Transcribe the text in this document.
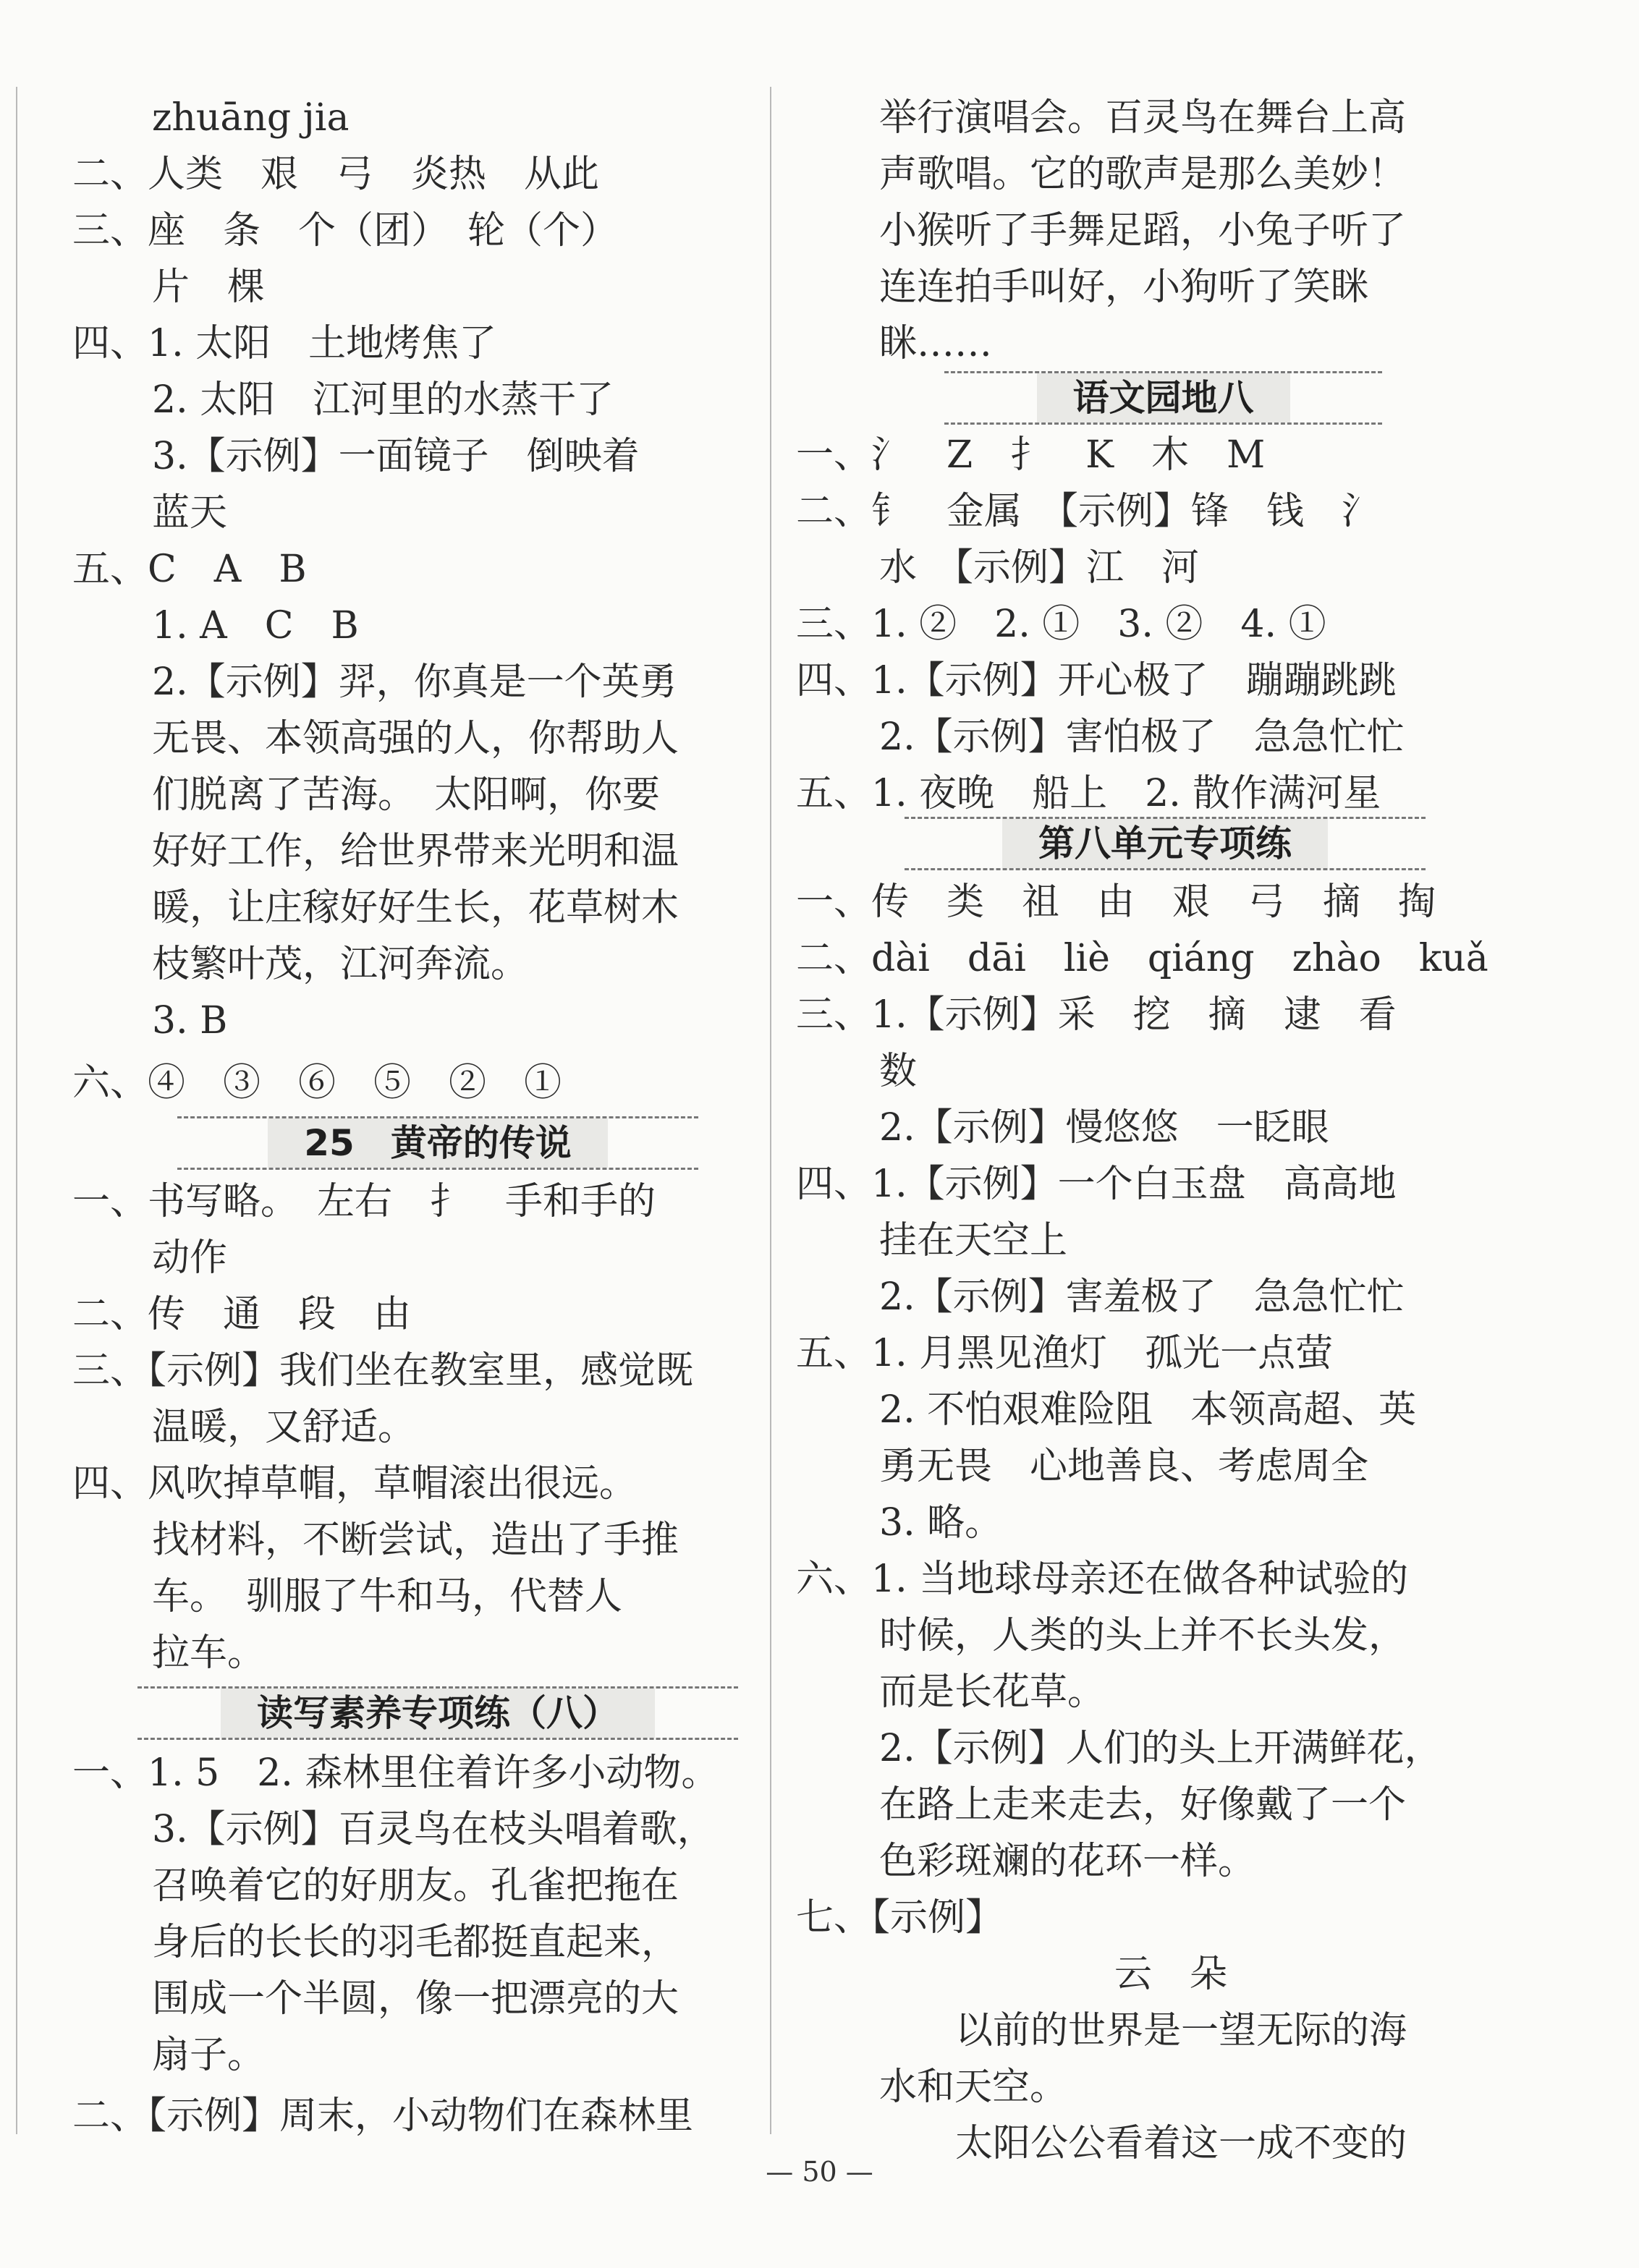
zhuāng jia
二、人类　艰　弓　炎热　从此
三、座　条　个（团）　轮（个）
片　棵
四、1. 太阳　土地烤焦了
2. 太阳　江河里的水蒸干了
3.【示例】一面镜子　倒映着
蓝天
五、C　A　B
1. A　C　B
2.【示例】羿，你真是一个英勇
无畏、本领高强的人，你帮助人
们脱离了苦海。　太阳啊，你要
好好工作，给世界带来光明和温
暖，让庄稼好好生长，花草树木
枝繁叶茂，江河奔流。
3. B
六、④　③　⑥　⑤　②　①
25　黄帝的传说
一、书写略。　左右　扌　手和手的
动作
二、传　通　段　由
三、【示例】我们坐在教室里，感觉既
温暖，又舒适。
四、风吹掉草帽，草帽滚出很远。
找材料，不断尝试，造出了手推
车。　驯服了牛和马，代替人
拉车。
读写素养专项练（八）
一、1. 5　2. 森林里住着许多小动物。
3.【示例】百灵鸟在枝头唱着歌，
召唤着它的好朋友。孔雀把拖在
身后的长长的羽毛都挺直起来，
围成一个半圆，像一把漂亮的大
扇子。
二、【示例】周末，小动物们在森林里
举行演唱会。百灵鸟在舞台上高
声歌唱。它的歌声是那么美妙！
小猴听了手舞足蹈，小兔子听了
连连拍手叫好，小狗听了笑眯
眯……
语文园地八
一、氵　Z　扌　K　木　M
二、钅　金属　【示例】锋　钱　氵
水　【示例】江　河
三、1. ②　2. ①　3. ②　4. ①
四、1.【示例】开心极了　蹦蹦跳跳
2.【示例】害怕极了　急急忙忙
五、1. 夜晚　船上　2. 散作满河星
第八单元专项练
一、传　类　祖　由　艰　弓　摘　掏
二、dài　dāi　liè　qiáng　zhào　kuǎ
三、1.【示例】采　挖　摘　逮　看
数
2.【示例】慢悠悠　一眨眼
四、1.【示例】一个白玉盘　高高地
挂在天空上
2.【示例】害羞极了　急急忙忙
五、1. 月黑见渔灯　孤光一点萤
2. 不怕艰难险阻　本领高超、英
勇无畏　心地善良、考虑周全
3. 略。
六、1. 当地球母亲还在做各种试验的
时候，人类的头上并不长头发，
而是长花草。
2.【示例】人们的头上开满鲜花，
在路上走来走去，好像戴了一个
色彩斑斓的花环一样。
七、【示例】
云　朵
以前的世界是一望无际的海
水和天空。
太阳公公看着这一成不变的
— 50 —
